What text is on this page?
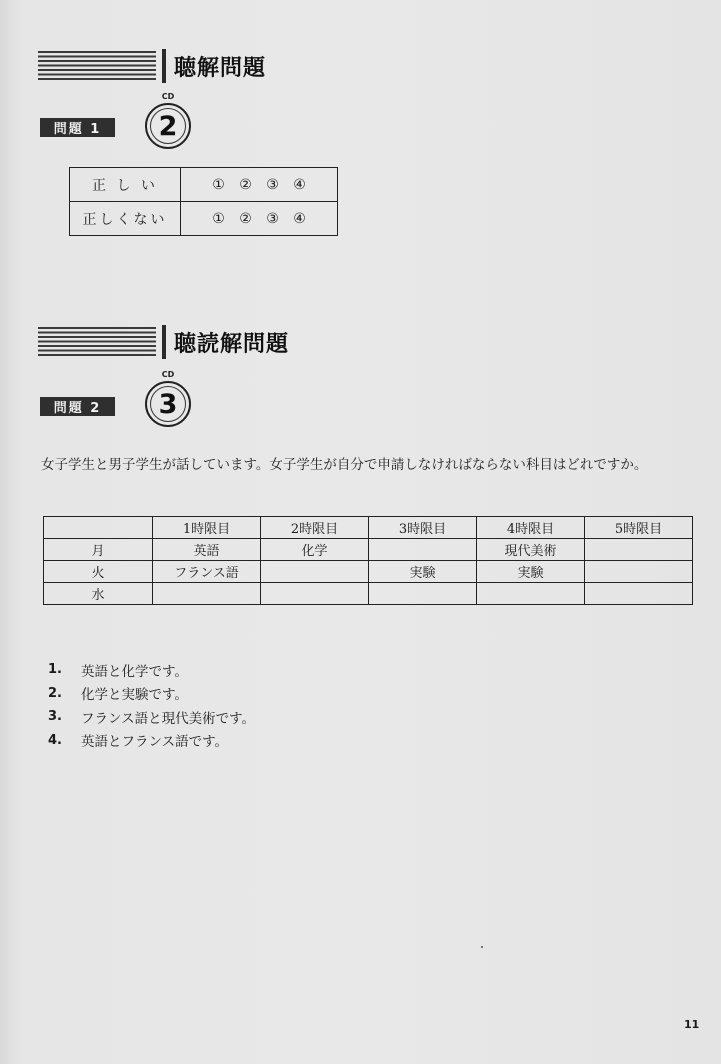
聴解問題
問題 1
CD
2
正 し い	① ② ③ ④
正しくない	① ② ③ ④
聴読解問題
問題 2
CD
3
女子学生と男子学生が話しています。女子学生が自分で申請しなければならない科目はどれですか。
	1時限目	2時限目	3時限目	4時限目	5時限目
月	英語	化学		現代美術	
火	フランス語		実験	実験	
水					
1.	英語と化学です。
2.	化学と実験です。
3.	フランス語と現代美術です。
4.	英語とフランス語です。
11
